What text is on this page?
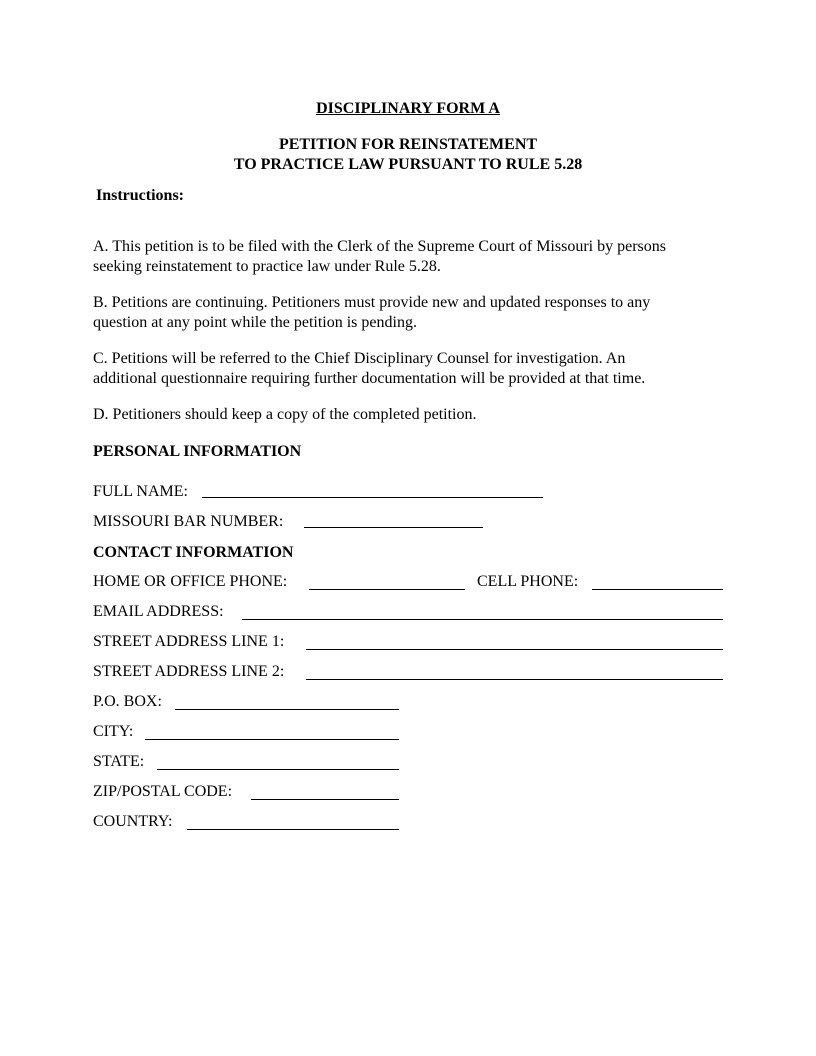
DISCIPLINARY FORM A
PETITION FOR REINSTATEMENT
TO PRACTICE LAW PURSUANT TO RULE 5.28
Instructions:
A. This petition is to be filed with the Clerk of the Supreme Court of Missouri by persons
seeking reinstatement to practice law under Rule 5.28.
B. Petitions are continuing. Petitioners must provide new and updated responses to any
question at any point while the petition is pending.
C. Petitions will be referred to the Chief Disciplinary Counsel for investigation. An
additional questionnaire requiring further documentation will be provided at that time.
D. Petitioners should keep a copy of the completed petition.
PERSONAL INFORMATION
FULL NAME:
MISSOURI BAR NUMBER:
CONTACT INFORMATION
HOME OR OFFICE PHONE:	CELL PHONE:
EMAIL ADDRESS:
STREET ADDRESS LINE 1:
STREET ADDRESS LINE 2:
P.O. BOX:
CITY:
STATE:
ZIP/POSTAL CODE:
COUNTRY:
